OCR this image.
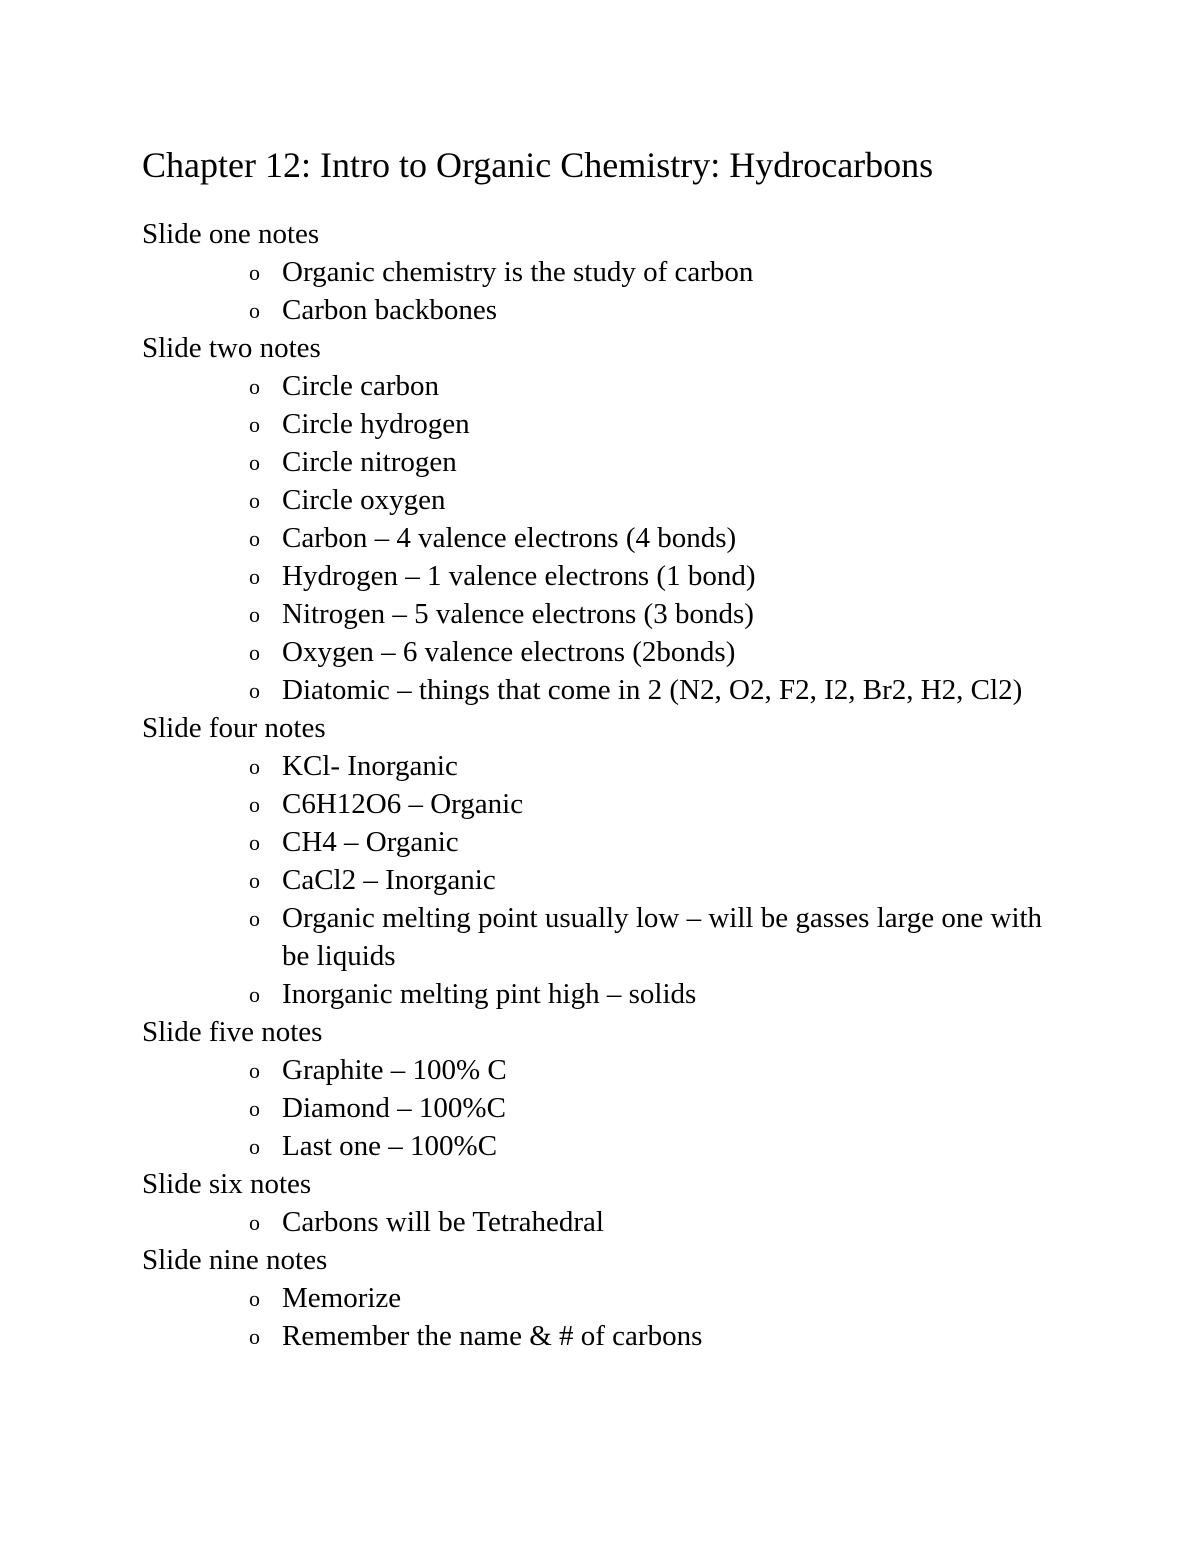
Chapter 12: Intro to Organic Chemistry: Hydrocarbons
Slide one notes
o Organic chemistry is the study of carbon
o Carbon backbones
Slide two notes
o Circle carbon
o Circle hydrogen
o Circle nitrogen
o Circle oxygen
o Carbon – 4 valence electrons (4 bonds)
o Hydrogen – 1 valence electrons (1 bond)
o Nitrogen – 5 valence electrons (3 bonds)
o Oxygen – 6 valence electrons (2bonds)
o Diatomic – things that come in 2 (N2, O2, F2, I2, Br2, H2, Cl2)
Slide four notes
o KCl- Inorganic
o C6H12O6 – Organic
o CH4 – Organic
o CaCl2 – Inorganic
o Organic melting point usually low – will be gasses large one with be liquids
o Inorganic melting pint high – solids
Slide five notes
o Graphite – 100% C
o Diamond – 100%C
o Last one – 100%C
Slide six notes
o Carbons will be Tetrahedral
Slide nine notes
o Memorize
o Remember the name & # of carbons
